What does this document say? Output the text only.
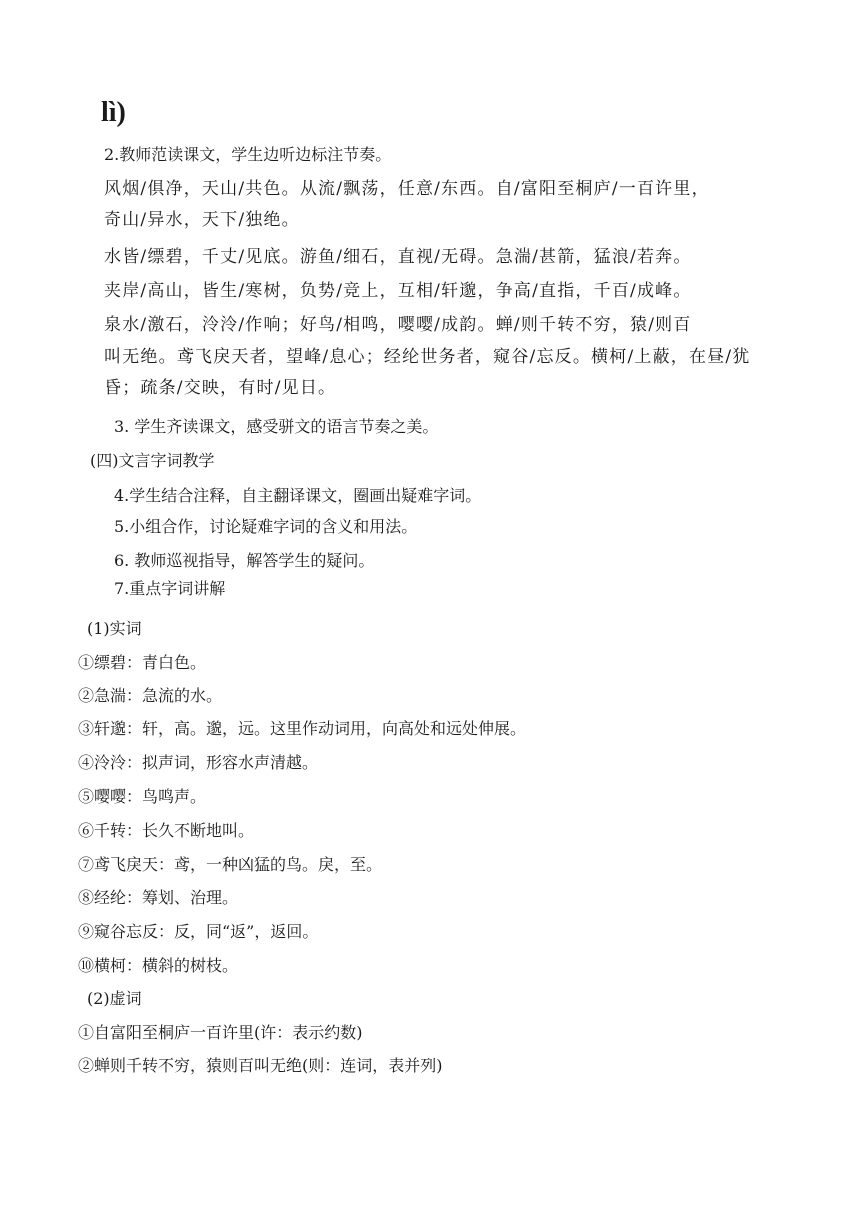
lì)
2.教师范读课文，学生边听边标注节奏。
风烟/俱净，天山/共色。从流/飘荡，任意/东西。自/富阳至桐庐/一百许里，
奇山/异水，天下/独绝。
水皆/缥碧，千丈/见底。游鱼/细石，直视/无碍。急湍/甚箭，猛浪/若奔。
夹岸/高山，皆生/寒树，负势/竞上，互相/轩邈，争高/直指，千百/成峰。
泉水/激石，泠泠/作响；好鸟/相鸣，嘤嘤/成韵。蝉/则千转不穷，猿/则百
叫无绝。鸢飞戾天者，望峰/息心；经纶世务者，窥谷/忘反。横柯/上蔽，在昼/犹
昏；疏条/交映，有时/见日。
3. 学生齐读课文，感受骈文的语言节奏之美。
(四)文言字词教学
4.学生结合注释，自主翻译课文，圈画出疑难字词。
5.小组合作，讨论疑难字词的含义和用法。
6. 教师巡视指导，解答学生的疑问。
7.重点字词讲解
(1)实词
①缥碧：青白色。
②急湍：急流的水。
③轩邈：轩，高。邈，远。这里作动词用，向高处和远处伸展。
④泠泠：拟声词，形容水声清越。
⑤嘤嘤：鸟鸣声。
⑥千转：长久不断地叫。
⑦鸢飞戾天：鸢，一种凶猛的鸟。戾，至。
⑧经纶：筹划、治理。
⑨窥谷忘反：反，同“返”，返回。
⑩横柯：横斜的树枝。
(2)虚词
①自富阳至桐庐一百许里(许：表示约数)
②蝉则千转不穷，猿则百叫无绝(则：连词，表并列)
